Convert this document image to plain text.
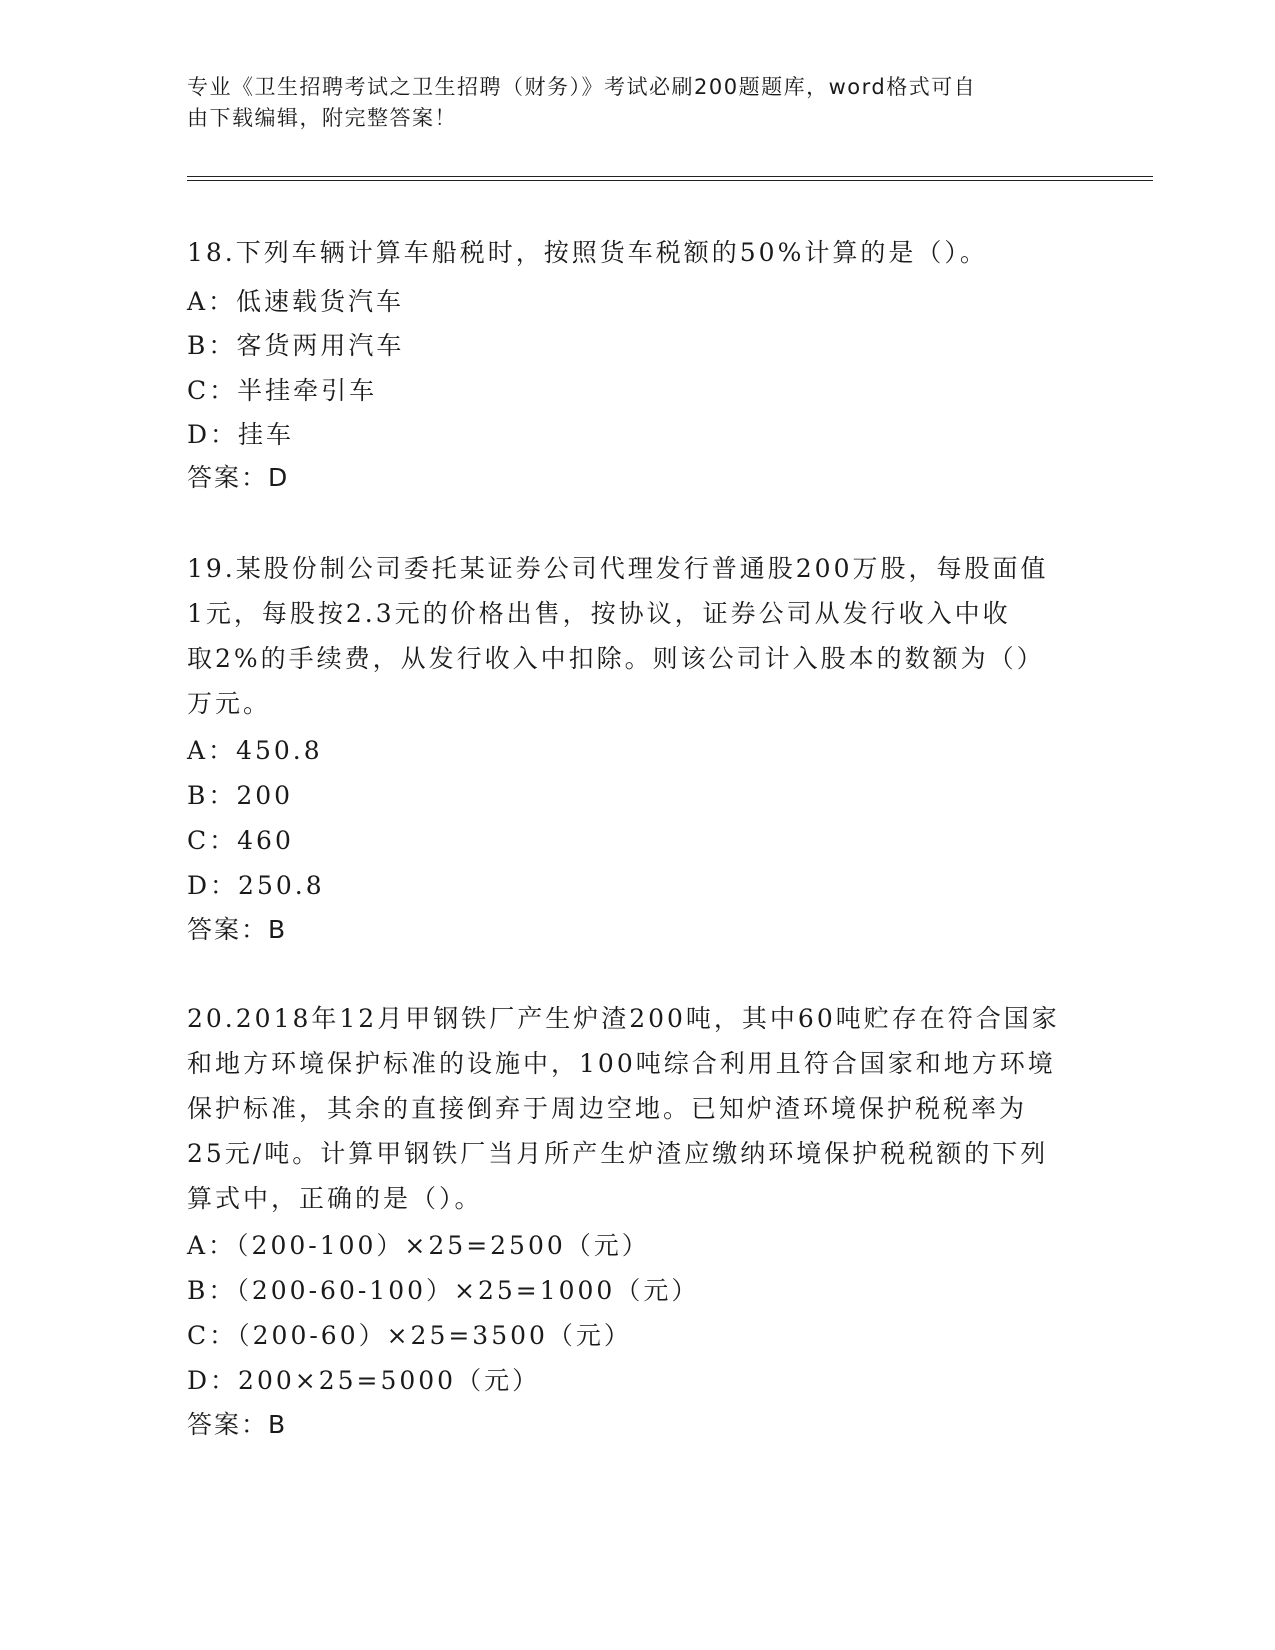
专业《卫生招聘考试之卫生招聘（财务）》考试必刷200题题库，word格式可自
由下载编辑，附完整答案！
18.下列车辆计算车船税时，按照货车税额的50%计算的是（）。
A：低速载货汽车
B：客货两用汽车
C：半挂牵引车
D：挂车
答案：D
19.某股份制公司委托某证券公司代理发行普通股200万股，每股面值
1元，每股按2.3元的价格出售，按协议，证券公司从发行收入中收
取2%的手续费，从发行收入中扣除。则该公司计入股本的数额为（）
万元。
A：450.8
B：200
C：460
D：250.8
答案：B
20.2018年12月甲钢铁厂产生炉渣200吨，其中60吨贮存在符合国家
和地方环境保护标准的设施中，100吨综合利用且符合国家和地方环境
保护标准，其余的直接倒弃于周边空地。已知炉渣环境保护税税率为
25元/吨。计算甲钢铁厂当月所产生炉渣应缴纳环境保护税税额的下列
算式中，正确的是（）。
A：（200-100）×25=2500（元）
B：（200-60-100）×25=1000（元）
C：（200-60）×25=3500（元）
D：200×25=5000（元）
答案：B
